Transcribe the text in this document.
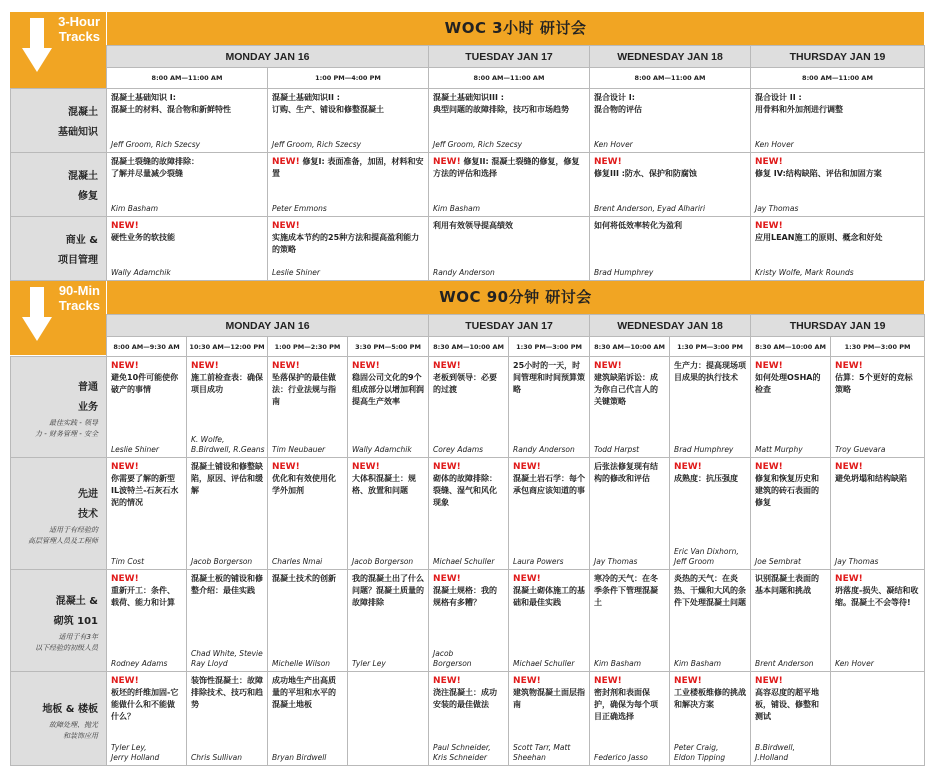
3-Hour
Tracks	WOC 3小时 研讨会
	MONDAY JAN 16		TUESDAY JAN 17	WEDNESDAY JAN 18	THURSDAY JAN 19
	8:00 AM—11:00 AM	1:00 PM—4:00 PM	8:00 AM—11:00 AM	8:00 AM—11:00 AM	8:00 AM—11:00 AM

混凝土
基础知识	混凝土基础知识 I:
混凝土的材料、混合物和新鲜特性
Jeff Groom, Rich Szecsy	混凝土基础知识II :
订购、生产、铺设和修整混凝土
Jeff Groom, Rich Szecsy	混凝土基础知识III :
典型问题的故障排除，技巧和市场趋势
Jeff Groom, Rich Szecsy	混合设计 I:
混合物的评估
Ken Hover	混合设计 II :
用骨料和外加剂进行调整
Ken Hover

混凝土
修复	混凝土裂缝的故障排除：
了解并尽量减少裂缝
Kim Basham	NEW! 修复I: 表面准备，加固，材料和安置
Peter Emmons	NEW! 修复II: 混凝土裂缝的修复，修复方法的评估和选择
Kim Basham	NEW!
修复III :防水、保护和防腐蚀
Brent Anderson, Eyad Alhariri	NEW!
修复 IV:结构缺陷、评估和加固方案
Jay Thomas

商业 &
项目管理	NEW!
硬性业务的软技能
Wally Adamchik	NEW!
实施成本节约的25种方法和提高盈利能力的策略
Leslie Shiner	利用有效领导提高绩效
Randy Anderson	如何将低效率转化为盈利
Brad Humphrey	NEW!
应用LEAN施工的原则、概念和好处
Kristy Wolfe, Mark Rounds
90-Min
Tracks	WOC 90分钟 研讨会
	MONDAY JAN 16				TUESDAY JAN 17		WEDNESDAY JAN 18		THURSDAY JAN 19	
	8:00 AM—9:30 AM	10:30 AM—12:00 PM	1:00 PM—2:30 PM	3:30 PM—5:00 PM	8:30 AM—10:00 AM	1:30 PM—3:00 PM	8:30 AM—10:00 AM	1:30 PM—3:00 PM	8:30 AM—10:00 AM	1:30 PM—3:00 PM

普通
业务
最佳实践 - 领导
力 - 财务管理 - 安全	NEW!
避免10件可能使你破产的事情
Leslie Shiner	NEW!
施工前检查表：确保项目成功
K. Wolfe,
B.Birdwell, R.Geans	NEW!
坠落保护的最佳做法：行业法规与指南
Tim Neubauer	NEW!
稳固公司文化的9个组成部分以增加利润提高生产效率
Wally Adamchik	NEW!
老板到领导：必要的过渡
Corey Adams	25小时的一天，时间管理和时间预算策略
Randy Anderson	NEW!
建筑缺陷诉讼：成为你自己代言人的关键策略
Todd Harpst	生产力：提高现场项目成果的执行技术
Brad Humphrey	NEW!
如何处理OSHA的检查
Matt Murphy	NEW!
估算：5个更好的竞标策略
Troy Guevara

先进
技术
适用于有经验的
高层管理人员及工程师	NEW!
你需要了解的新型IL波特兰-石灰石水泥的情况
Tim Cost	混凝土铺设和修整缺陷，原因、评估和缓解
Jacob Borgerson	NEW!
优化和有效使用化学外加剂
Charles Nmai	NEW!
大体积混凝土：规格、放置和问题
Jacob Borgerson	NEW!
砌体的故障排除：裂缝、湿气和风化现象
Michael Schuller	NEW!
混凝土岩石学：每个承包商应该知道的事
Laura Powers	后张法修复现有结构的修改和评估
Jay Thomas	NEW!
成熟度：抗压强度
Eric Van Dixhorn,
Jeff Groom	NEW!
修复和恢复历史和建筑的砖石表面的修复
Joe Sembrat	NEW!
避免坍塌和结构缺陷
Jay Thomas

混凝土 &
砌筑 101
适用于有3年
以下经验的初级人员	NEW!
重新开工：条件、载荷、能力和计算
Rodney Adams	混凝土板的铺设和修整介绍：最佳实践
Chad White, Stevie
Ray Lloyd	混凝土技术的创新
Michelle Wilson	我的混凝土出了什么问题？混凝土质量的故障排除
Tyler Ley	NEW!
混凝土规格：我的规格有多糟？
Jacob
Borgerson	NEW!
混凝土砌体施工的基础和最佳实践
Michael Schuller	寒冷的天气：在冬季条件下管理混凝土
Kim Basham	炎热的天气：在炎热、干燥和大风的条件下处理混凝土问题
Kim Basham	识别混凝土表面的基本问题和挑战
Brent Anderson	NEW!
坍落度-损失、凝结和收缩。混凝土不会等待!
Ken Hover

地板 & 楼板
故障处理、抛光
和装饰应用	NEW!
板坯的纤维加固-它能做什么和不能做什么？
Tyler Ley,
Jerry Holland	装饰性混凝土：故障排除技术、技巧和趋势
Chris Sullivan	成功地生产出高质量的平坦和水平的混凝土地板
Bryan Birdwell		NEW!
浇注混凝土：成功安装的最佳做法
Paul Schneider,
Kris Schneider	NEW!
建筑物混凝土面层指南
Scott Tarr, Matt
Sheehan	NEW!
密封剂和表面保护，确保为每个项目正确选择
Federico Jasso	NEW!
工业楼板维修的挑战和解决方案
Peter Craig,
Eldon Tipping	NEW!
高容忍度的超平地板，铺设、修整和测试
B.Birdwell,
J.Holland	
